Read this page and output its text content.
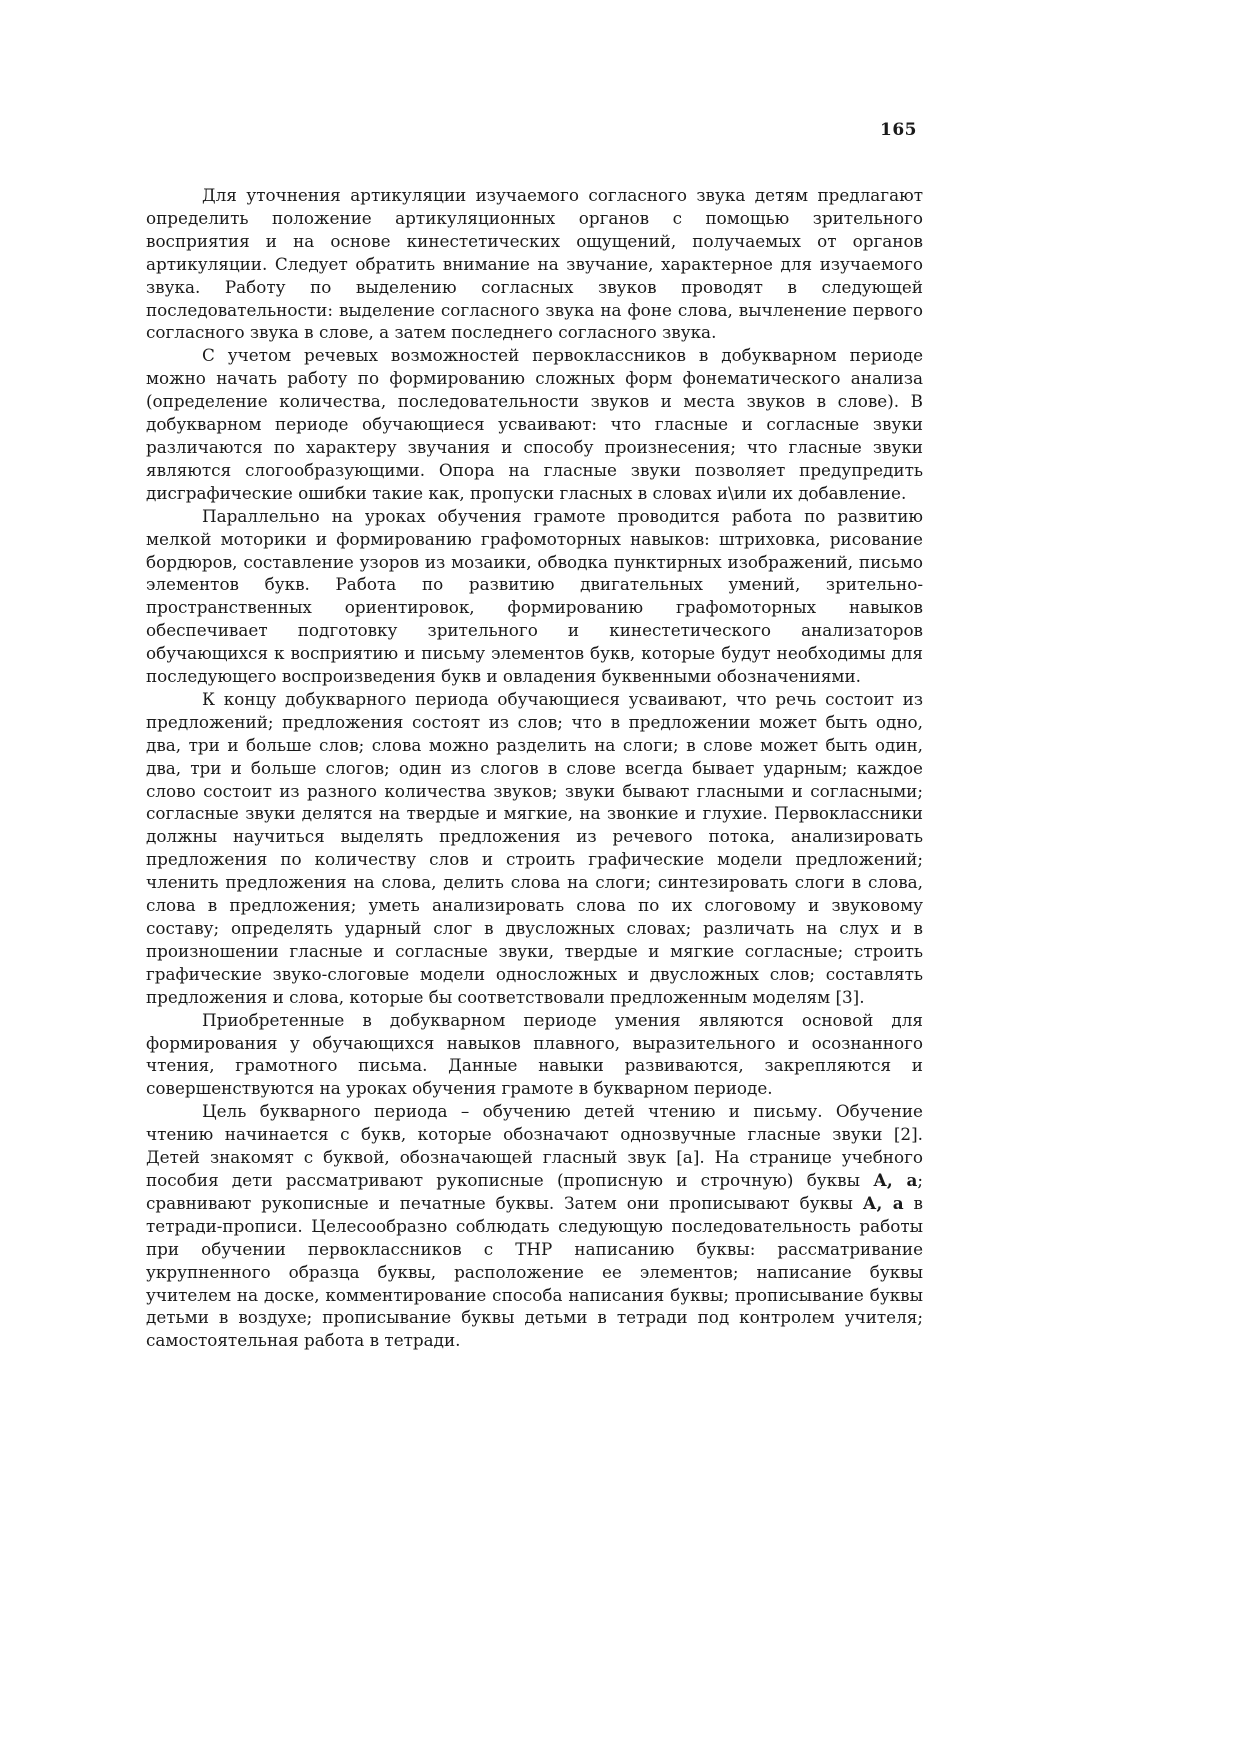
165

Для уточнения артикуляции изучаемого согласного звука детям предлагают определить положение артикуляционных органов с помощью зрительного восприятия и на основе кинестетических ощущений, получаемых от органов артикуляции. Следует обратить внимание на звучание, характерное для изучаемого звука. Работу по выделению согласных звуков проводят в следующей последовательности: выделение согласного звука на фоне слова, вычленение первого согласного звука в слове, а затем последнего согласного звука.

С учетом речевых возможностей первоклассников в добукварном периоде можно начать работу по формированию сложных форм фонематического анализа (определение количества, последовательности звуков и места звуков в слове). В добукварном периоде обучающиеся усваивают: что гласные и согласные звуки различаются по характеру звучания и способу произнесения; что гласные звуки являются слогообразующими. Опора на гласные звуки позволяет предупредить дисграфические ошибки такие как, пропуски гласных в словах и\или их добавление.

Параллельно на уроках обучения грамоте проводится работа по развитию мелкой моторики и формированию графомоторных навыков: штриховка, рисование бордюров, составление узоров из мозаики, обводка пунктирных изображений, письмо элементов букв. Работа по развитию двигательных умений, зрительно-пространственных ориентировок, формированию графомоторных навыков обеспечивает подготовку зрительного и кинестетического анализаторов обучающихся к восприятию и письму элементов букв, которые будут необходимы для последующего воспроизведения букв и овладения буквенными обозначениями.

К концу добукварного периода обучающиеся усваивают, что речь состоит из предложений; предложения состоят из слов; что в предложении может быть одно, два, три и больше слов; слова можно разделить на слоги; в слове может быть один, два, три и больше слогов; один из слогов в слове всегда бывает ударным; каждое слово состоит из разного количества звуков; звуки бывают гласными и согласными; согласные звуки делятся на твердые и мягкие, на звонкие и глухие. Первоклассники должны научиться выделять предложения из речевого потока, анализировать предложения по количеству слов и строить графические модели предложений; членить предложения на слова, делить слова на слоги; синтезировать слоги в слова, слова в предложения; уметь анализировать слова по их слоговому и звуковому составу; определять ударный слог в двусложных словах; различать на слух и в произношении гласные и согласные звуки, твердые и мягкие согласные; строить графические звуко-слоговые модели односложных и двусложных слов; составлять предложения и слова, которые бы соответствовали предложенным моделям [3].

Приобретенные в добукварном периоде умения являются основой для формирования у обучающихся навыков плавного, выразительного и осознанного чтения, грамотного письма. Данные навыки развиваются, закрепляются и совершенствуются на уроках обучения грамоте в букварном периоде.

Цель букварного периода – обучению детей чтению и письму. Обучение чтению начинается с букв, которые обозначают однозвучные гласные звуки [2]. Детей знакомят с буквой, обозначающей гласный звук [а]. На странице учебного пособия дети рассматривают рукописные (прописную и строчную) буквы А, а; сравнивают рукописные и печатные буквы. Затем они прописывают буквы А, а в тетради-прописи. Целесообразно соблюдать следующую последовательность работы при обучении первоклассников с ТНР написанию буквы: рассматривание укрупненного образца буквы, расположение ее элементов; написание буквы учителем на доске, комментирование способа написания буквы; прописывание буквы детьми в воздухе; прописывание буквы детьми в тетради под контролем учителя; самостоятельная работа в тетради.
